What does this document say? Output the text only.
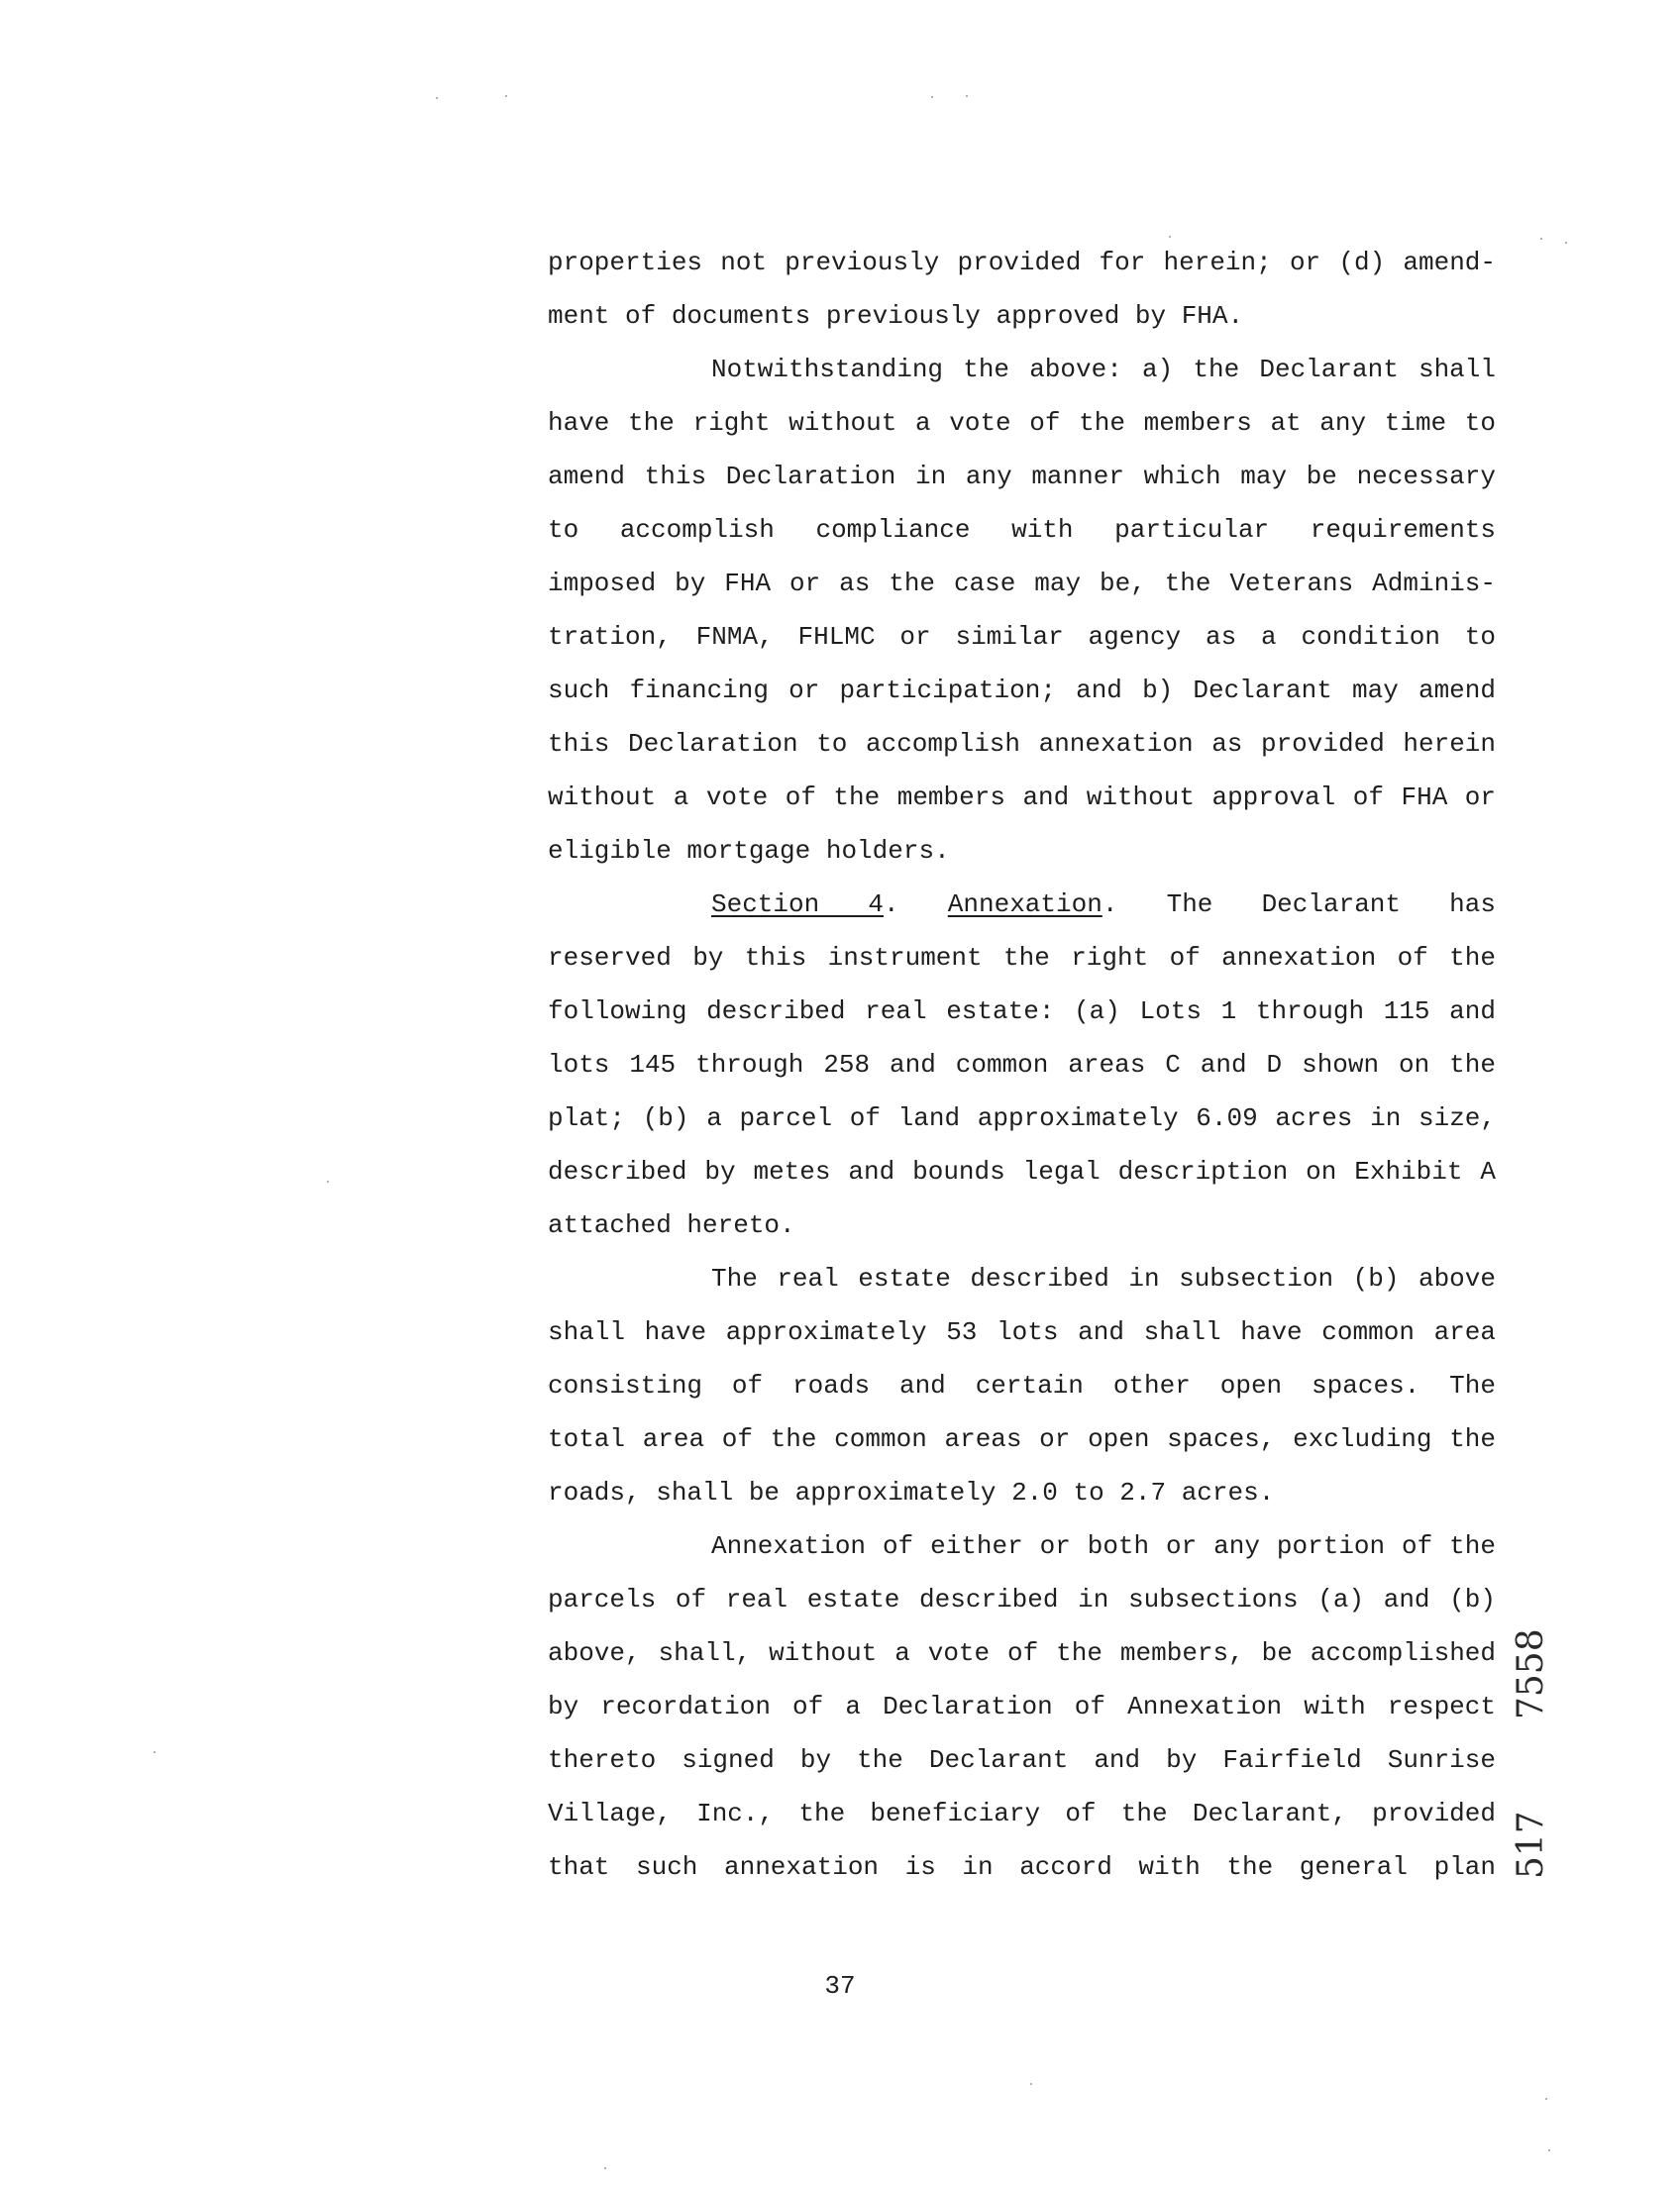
properties not previously provided for herein; or (d) amend-
ment of documents previously approved by FHA.
Notwithstanding the above: a) the Declarant shall
have the right without a vote of the members at any time to
amend this Declaration in any manner which may be necessary
to accomplish compliance with particular requirements
imposed by FHA or as the case may be, the Veterans Adminis-
tration, FNMA, FHLMC or similar agency as a condition to
such financing or participation; and b) Declarant may amend
this Declaration to accomplish annexation as provided herein
without a vote of the members and without approval of FHA or
eligible mortgage holders.
Section 4. Annexation. The Declarant has
reserved by this instrument the right of annexation of the
following described real estate: (a) Lots 1 through 115 and
lots 145 through 258 and common areas C and D shown on the
plat; (b) a parcel of land approximately 6.09 acres in size,
described by metes and bounds legal description on Exhibit A
attached hereto.
The real estate described in subsection (b) above
shall have approximately 53 lots and shall have common area
consisting of roads and certain other open spaces. The
total area of the common areas or open spaces, excluding the
roads, shall be approximately 2.0 to 2.7 acres.
Annexation of either or both or any portion of the
parcels of real estate described in subsections (a) and (b)
above, shall, without a vote of the members, be accomplished
by recordation of a Declaration of Annexation with respect
thereto signed by the Declarant and by Fairfield Sunrise
Village, Inc., the beneficiary of the Declarant, provided
that such annexation is in accord with the general plan
37
7558
517
